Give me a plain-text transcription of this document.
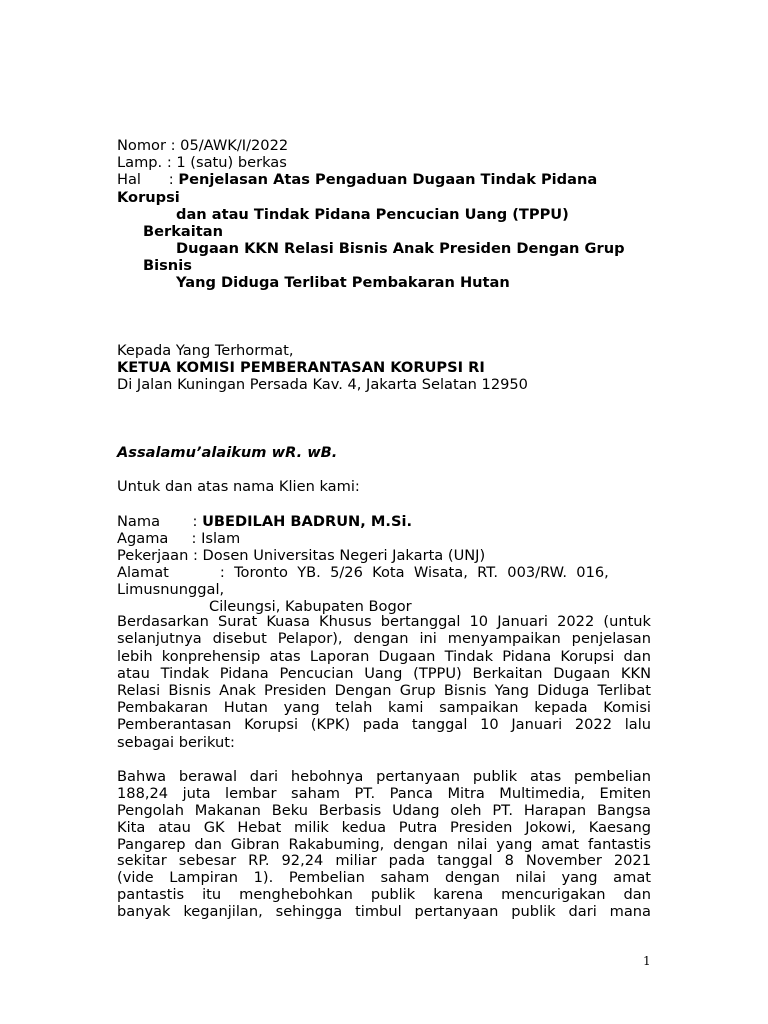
Nomor : 05/AWK/I/2022
Lamp. : 1 (satu) berkas
Hal      : Penjelasan Atas Pengaduan Dugaan Tindak Pidana
Korupsi
dan atau Tindak Pidana Pencucian Uang (TPPU)
Berkaitan
Dugaan KKN Relasi Bisnis Anak Presiden Dengan Grup
Bisnis
Yang Diduga Terlibat Pembakaran Hutan
Kepada Yang Terhormat,
KETUA KOMISI PEMBERANTASAN KORUPSI RI
Di Jalan Kuningan Persada Kav. 4, Jakarta Selatan 12950
Assalamu’alaikum wR. wB.
Untuk dan atas nama Klien kami:
Nama       : UBEDILAH BADRUN, M.Si.
Agama     : Islam
Pekerjaan : Dosen Universitas Negeri Jakarta (UNJ)
Alamat           :  Toronto  YB.  5/26  Kota  Wisata,  RT.  003/RW.  016,
Limusnunggal,
Cileungsi, Kabupaten Bogor
Berdasarkan Surat Kuasa Khusus bertanggal 10 Januari 2022 (untuk
selanjutnya disebut Pelapor), dengan ini menyampaikan penjelasan
lebih konprehensip atas Laporan Dugaan Tindak Pidana Korupsi dan
atau Tindak Pidana Pencucian Uang (TPPU) Berkaitan Dugaan KKN
Relasi Bisnis Anak Presiden Dengan Grup Bisnis Yang Diduga Terlibat
Pembakaran Hutan yang telah kami sampaikan kepada Komisi
Pemberantasan Korupsi (KPK) pada tanggal 10 Januari 2022 lalu
sebagai berikut:
Bahwa berawal dari hebohnya pertanyaan publik atas pembelian
188,24 juta lembar saham PT. Panca Mitra Multimedia, Emiten
Pengolah Makanan Beku Berbasis Udang oleh PT. Harapan Bangsa
Kita atau GK Hebat milik kedua Putra Presiden Jokowi, Kaesang
Pangarep dan Gibran Rakabuming, dengan nilai yang amat fantastis
sekitar sebesar RP. 92,24 miliar pada tanggal 8 November 2021
(vide Lampiran 1). Pembelian saham dengan nilai yang amat
pantastis itu menghebohkan publik karena mencurigakan dan
banyak keganjilan, sehingga timbul pertanyaan publik dari mana
1
